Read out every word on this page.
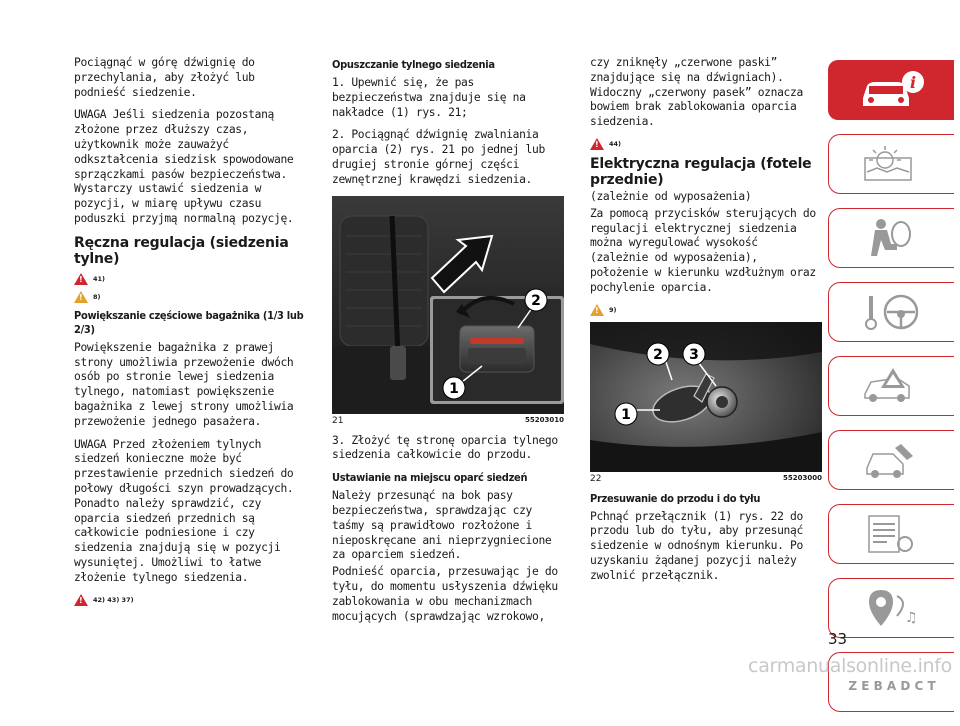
Pociągnąć w górę dźwignię do przechylania, aby złożyć lub podnieść siedzenie.

UWAGA Jeśli siedzenia pozostaną złożone przez dłuższy czas, użytkownik może zauważyć odkształcenia siedzisk spowodowane sprzączkami pasów bezpieczeństwa. Wystarczy ustawić siedzenia w pozycji, w miarę upływu czasu poduszki przyjmą normalną pozycję.

Ręczna regulacja (siedzenia tylne)
!
41)
!
8)
Powiększanie częściowe bagażnika (1/3 lub 2/3)

Powiększenie bagażnika z prawej strony umożliwia przewożenie dwóch osób po stronie lewej siedzenia tylnego, natomiast powiększenie bagażnika z lewej strony umożliwia przewożenie jednego pasażera.

UWAGA Przed złożeniem tylnych siedzeń konieczne może być przestawienie przednich siedzeń do połowy długości szyn prowadzących. Ponadto należy sprawdzić, czy oparcia siedzeń przednich są całkowicie podniesione i czy siedzenia znajdują się w pozycji wysuniętej. Umożliwi to łatwe złożenie tylnego siedzenia.

!
42) 43) 37)
Opuszczanie tylnego siedzenia

1. Upewnić się, że pas bezpieczeństwa znajduje się na nakładce (1) rys. 21;

2. Pociągnąć dźwignię zwalniania oparcia (2) rys. 21 po jednej lub drugiej stronie górnej części zewnętrznej krawędzi siedzenia.

2
1
21	55203010

3. Złożyć tę stronę oparcia tylnego siedzenia całkowicie do przodu.

Ustawianie na miejscu oparć siedzeń

Należy przesunąć na bok pasy bezpieczeństwa, sprawdzając czy taśmy są prawidłowo rozłożone i nieposkręcane ani nieprzygniecione za oparciem siedzeń.

Podnieść oparcia, przesuwając je do tyłu, do momentu usłyszenia dźwięku zablokowania w obu mechanizmach mocujących (sprawdzając wzrokowo,

czy zniknęły „czerwone paski” znajdujące się na dźwigniach). Widoczny „czerwony pasek” oznacza bowiem brak zablokowania oparcia siedzenia.

!
44)
Elektryczna regulacja (fotele przednie)

(zależnie od wyposażenia)

Za pomocą przycisków sterujących do regulacji elektrycznej siedzenia można wyregulować wysokość (zależnie od wyposażenia), położenie w kierunku wzdłużnym oraz pochylenie oparcia.

!
9)
1
2 3
22	55203000
Przesuwanie do przodu i do tyłu

Pchnąć przełącznik (1) rys. 22 do przodu lub do tyłu, aby przesunąć siedzenie w odnośnym kierunku. Po uzyskaniu żądanej pozycji należy zwolnić przełącznik.

i
♫
Z E B A D C T
33
carmanualsonline.info
